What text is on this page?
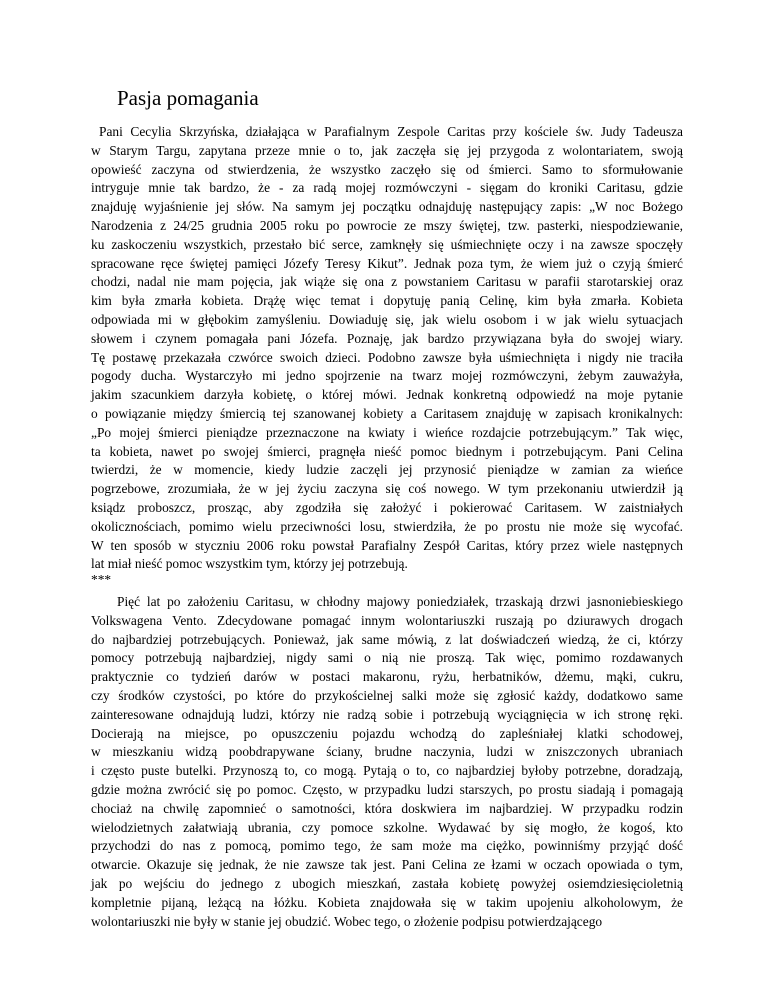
Pasja pomagania
Pani Cecylia Skrzyńska, działająca w Parafialnym Zespole Caritas przy kościele św. Judy Tadeusza
w Starym Targu, zapytana przeze mnie o to, jak zaczęła się jej przygoda z wolontariatem, swoją
opowieść zaczyna od stwierdzenia, że wszystko zaczęło się od śmierci. Samo to sformułowanie
intryguje mnie tak bardzo, że - za radą mojej rozmówczyni - sięgam do kroniki Caritasu, gdzie
znajduję wyjaśnienie jej słów. Na samym jej początku odnajduję następujący zapis: „W noc Bożego
Narodzenia z 24/25 grudnia 2005 roku po powrocie ze mszy świętej, tzw. pasterki, niespodziewanie,
ku zaskoczeniu wszystkich, przestało bić serce, zamknęły się uśmiechnięte oczy i na zawsze spoczęły
spracowane ręce świętej pamięci Józefy Teresy Kikut”. Jednak poza tym, że wiem już o czyją śmierć
chodzi, nadal nie mam pojęcia, jak wiąże się ona z powstaniem Caritasu w parafii starotarskiej oraz
kim była zmarła kobieta. Drążę więc temat i dopytuję panią Celinę, kim była zmarła. Kobieta
odpowiada mi w głębokim zamyśleniu. Dowiaduję się, jak wielu osobom i w jak wielu sytuacjach
słowem i czynem pomagała pani Józefa. Poznaję, jak bardzo przywiązana była do swojej wiary.
Tę postawę przekazała czwórce swoich dzieci. Podobno zawsze była uśmiechnięta i nigdy nie traciła
pogody ducha. Wystarczyło mi jedno spojrzenie na twarz mojej rozmówczyni, żebym zauważyła,
jakim szacunkiem darzyła kobietę, o której mówi. Jednak konkretną odpowiedź na moje pytanie
o powiązanie między śmiercią tej szanowanej kobiety a Caritasem znajduję w zapisach kronikalnych:
„Po mojej śmierci pieniądze przeznaczone na kwiaty i wieńce rozdajcie potrzebującym.” Tak więc,
ta kobieta, nawet po swojej śmierci, pragnęła nieść pomoc biednym i potrzebującym. Pani Celina
twierdzi, że w momencie, kiedy ludzie zaczęli jej przynosić pieniądze w zamian za wieńce
pogrzebowe, zrozumiała, że w jej życiu zaczyna się coś nowego. W tym przekonaniu utwierdził ją
ksiądz proboszcz, prosząc, aby zgodziła się założyć i pokierować Caritasem. W zaistniałych
okolicznościach, pomimo wielu przeciwności losu, stwierdziła, że po prostu nie może się wycofać.
W ten sposób w styczniu 2006 roku powstał Parafialny Zespół Caritas, który przez wiele następnych
lat miał nieść pomoc wszystkim tym, którzy jej potrzebują.
***
Pięć lat po założeniu Caritasu, w chłodny majowy poniedziałek, trzaskają drzwi jasnoniebieskiego
Volkswagena Vento. Zdecydowane pomagać innym wolontariuszki ruszają po dziurawych drogach
do najbardziej potrzebujących. Ponieważ, jak same mówią, z lat doświadczeń wiedzą, że ci, którzy
pomocy potrzebują najbardziej, nigdy sami o nią nie proszą. Tak więc, pomimo rozdawanych
praktycznie co tydzień darów w postaci makaronu, ryżu, herbatników, dżemu, mąki, cukru,
czy środków czystości, po które do przykościelnej salki może się zgłosić każdy, dodatkowo same
zainteresowane odnajdują ludzi, którzy nie radzą sobie i potrzebują wyciągnięcia w ich stronę ręki.
Docierają na miejsce, po opuszczeniu pojazdu wchodzą do zapleśniałej klatki schodowej,
w mieszkaniu widzą poobdrapywane ściany, brudne naczynia, ludzi w zniszczonych ubraniach
i często puste butelki. Przynoszą to, co mogą. Pytają o to, co najbardziej byłoby potrzebne, doradzają,
gdzie można zwrócić się po pomoc. Często, w przypadku ludzi starszych, po prostu siadają i pomagają
chociaż na chwilę zapomnieć o samotności, która doskwiera im najbardziej. W przypadku rodzin
wielodzietnych załatwiają ubrania, czy pomoce szkolne. Wydawać by się mogło, że kogoś, kto
przychodzi do nas z pomocą, pomimo tego, że sam może ma ciężko, powinniśmy przyjąć dość
otwarcie. Okazuje się jednak, że nie zawsze tak jest. Pani Celina ze łzami w oczach opowiada o tym,
jak po wejściu do jednego z ubogich mieszkań, zastała kobietę powyżej osiemdziesięcioletnią
kompletnie pijaną, leżącą na łóżku. Kobieta znajdowała się w takim upojeniu alkoholowym, że
wolontariuszki nie były w stanie jej obudzić. Wobec tego, o złożenie podpisu potwierdzającego
